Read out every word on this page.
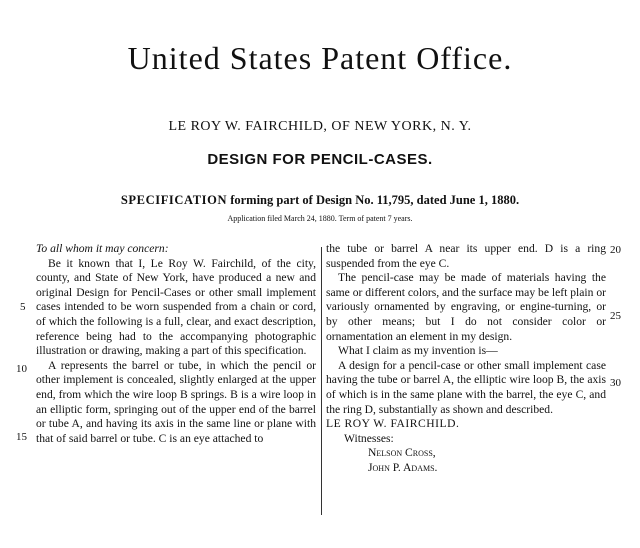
United States Patent Office.
LE ROY W. FAIRCHILD, OF NEW YORK, N. Y.
DESIGN FOR PENCIL-CASES.
SPECIFICATION forming part of Design No. 11,795, dated June 1, 1880.
Application filed March 24, 1880. Term of patent 7 years.

To all whom it may concern:

Be it known that I, Le Roy W. Fairchild, of the city, county, and State of New York, have produced a new and original Design for Pencil-Cases or other small implement cases intended to be worn suspended from a chain or cord, of which the following is a full, clear, and exact description, reference being had to the accompanying photographic illustration or drawing, making a part of this specification.

A represents the barrel or tube, in which the pencil or other implement is concealed, slightly enlarged at the upper end, from which the wire loop B springs. B is a wire loop in an elliptic form, springing out of the upper end of the barrel or tube A, and having its axis in the same line or plane with that of said barrel or tube. C is an eye attached to

the tube or barrel A near its upper end. D is a ring suspended from the eye C.

The pencil-case may be made of materials having the same or different colors, and the surface may be left plain or variously ornamented by engraving, or engine-turning, or by other means; but I do not consider color or ornamentation an element in my design.

What I claim as my invention is—

A design for a pencil-case or other small implement case having the tube or barrel A, the elliptic wire loop B, the axis of which is in the same plane with the barrel, the eye C, and the ring D, substantially as shown and described.

LE ROY W. FAIRCHILD.

Witnesses:

Nelson Cross,

John P. Adams.

5
10
15
20
25
30
